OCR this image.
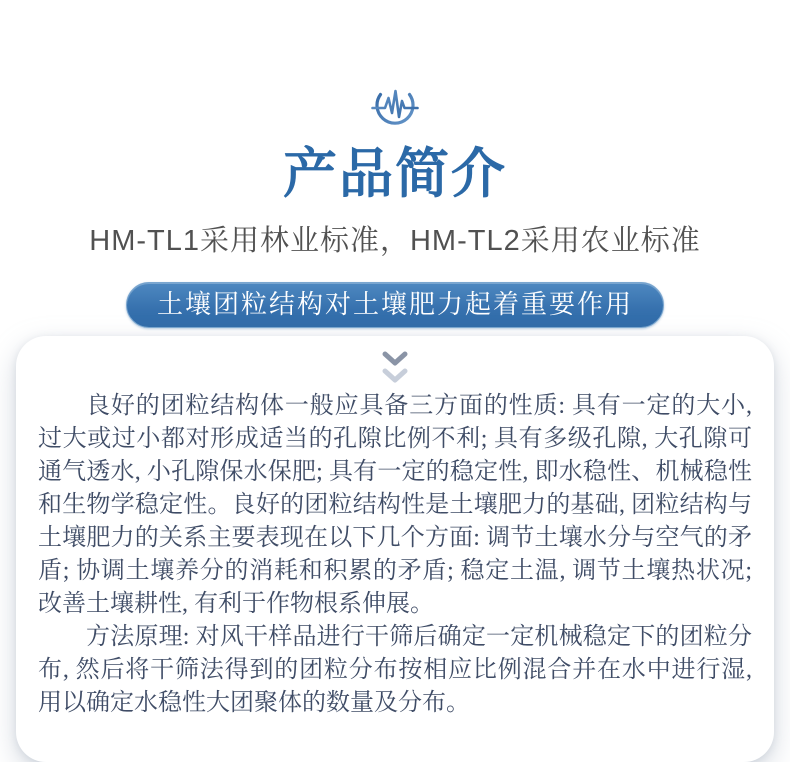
产品简介
HM-TL1采用林业标准，HM-TL2采用农业标准
土壤团粒结构对土壤肥力起着重要作用

良好的团粒结构体一般应具备三方面的性质: 具有一定的大小, 过大或过小都对形成适当的孔隙比例不利; 具有多级孔隙, 大孔隙可通气透水, 小孔隙保水保肥; 具有一定的稳定性, 即水稳性、机械稳性和生物学稳定性。良好的团粒结构性是土壤肥力的基础, 团粒结构与土壤肥力的关系主要表现在以下几个方面: 调节土壤水分与空气的矛盾; 协调土壤养分的消耗和积累的矛盾; 稳定土温, 调节土壤热状况; 改善土壤耕性, 有利于作物根系伸展。

方法原理: 对风干样品进行干筛后确定一定机械稳定下的团粒分布, 然后将干筛法得到的团粒分布按相应比例混合并在水中进行湿, 用以确定水稳性大团聚体的数量及分布。
